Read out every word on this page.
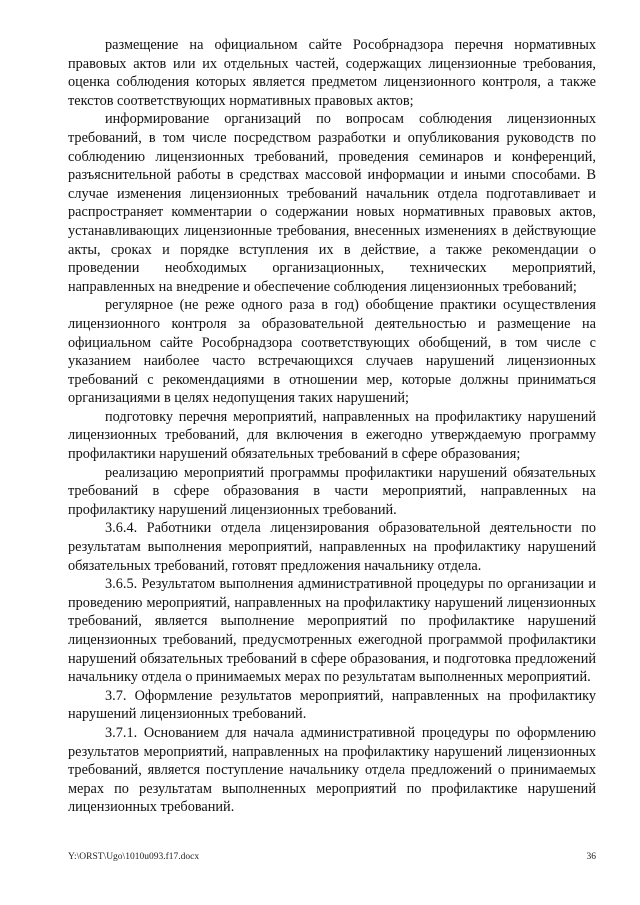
размещение на официальном сайте Рособрнадзора перечня нормативных правовых актов или их отдельных частей, содержащих лицензионные требования, оценка соблюдения которых является предметом лицензионного контроля, а также текстов соответствующих нормативных правовых актов;

информирование организаций по вопросам соблюдения лицензионных требований, в том числе посредством разработки и опубликования руководств по соблюдению лицензионных требований, проведения семинаров и конференций, разъяснительной работы в средствах массовой информации и иными способами. В случае изменения лицензионных требований начальник отдела подготавливает и распространяет комментарии о содержании новых нормативных правовых актов, устанавливающих лицензионные требования, внесенных изменениях в действующие акты, сроках и порядке вступления их в действие, а также рекомендации о проведении необходимых организационных, технических мероприятий, направленных на внедрение и обеспечение соблюдения лицензионных требований;

регулярное (не реже одного раза в год) обобщение практики осуществления лицензионного контроля за образовательной деятельностью и размещение на официальном сайте Рособрнадзора соответствующих обобщений, в том числе с указанием наиболее часто встречающихся случаев нарушений лицензионных требований с рекомендациями в отношении мер, которые должны приниматься организациями в целях недопущения таких нарушений;

подготовку перечня мероприятий, направленных на профилактику нарушений лицензионных требований, для включения в ежегодно утверждаемую программу профилактики нарушений обязательных требований в сфере образования;

реализацию мероприятий программы профилактики нарушений обязательных требований в сфере образования в части мероприятий, направленных на профилактику нарушений лицензионных требований.

3.6.4. Работники отдела лицензирования образовательной деятельности по результатам выполнения мероприятий, направленных на профилактику нарушений обязательных требований, готовят предложения начальнику отдела.

3.6.5. Результатом выполнения административной процедуры по организации и проведению мероприятий, направленных на профилактику нарушений лицензионных требований, является выполнение мероприятий по профилактике нарушений лицензионных требований, предусмотренных ежегодной программой профилактики нарушений обязательных требований в сфере образования, и подготовка предложений начальнику отдела о принимаемых мерах по результатам выполненных мероприятий.

3.7. Оформление результатов мероприятий, направленных на профилактику нарушений лицензионных требований.

3.7.1. Основанием для начала административной процедуры по оформлению результатов мероприятий, направленных на профилактику нарушений лицензионных требований, является поступление начальнику отдела предложений о принимаемых мерах по результатам выполненных мероприятий по профилактике нарушений лицензионных требований.

Y:\ORST\Ugo\1010u093.f17.docx	36
